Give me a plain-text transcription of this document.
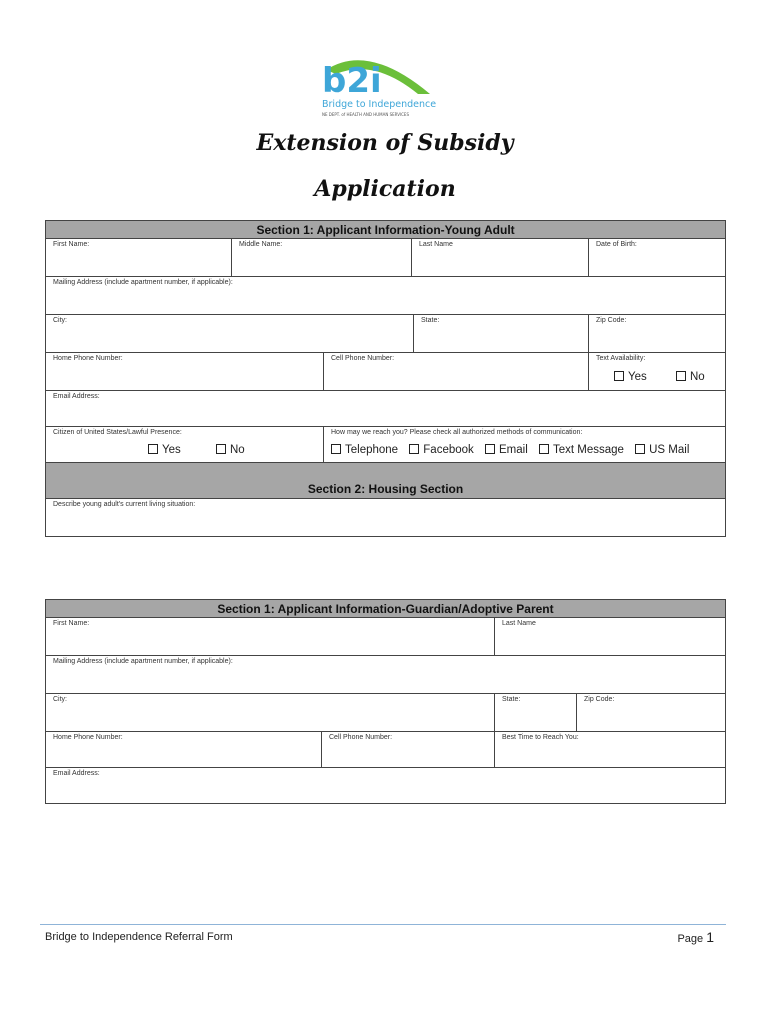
b2i
Bridge to Independence
NE DEPT. of HEALTH AND HUMAN SERVICES
Extension of Subsidy
Application
Section 1: Applicant Information-Young Adult					

First Name:	Middle Name:		Last Name		Date of Birth:

Mailing Address (include apartment number, if applicable):					

City:				State:	Zip Code:

Home Phone Number:		Cell Phone Number:			Text Availability:
Yes No

Email Address:					

Citizen of United States/Lawful Presence:
Yes No		How may we reach you? Please check all authorized methods of communication:
Telephone Facebook Email Text Message US Mail			

Section 2: Housing Section					

Describe young adult's current living situation:					
Section 1: Applicant Information-Guardian/Adoptive Parent			

First Name:		Last Name	

Mailing Address (include apartment number, if applicable):			

City:		State:	Zip Code:

Home Phone Number:	Cell Phone Number:	Best Time to Reach You:	

Email Address:			
Bridge to Independence Referral Form	Page 1
